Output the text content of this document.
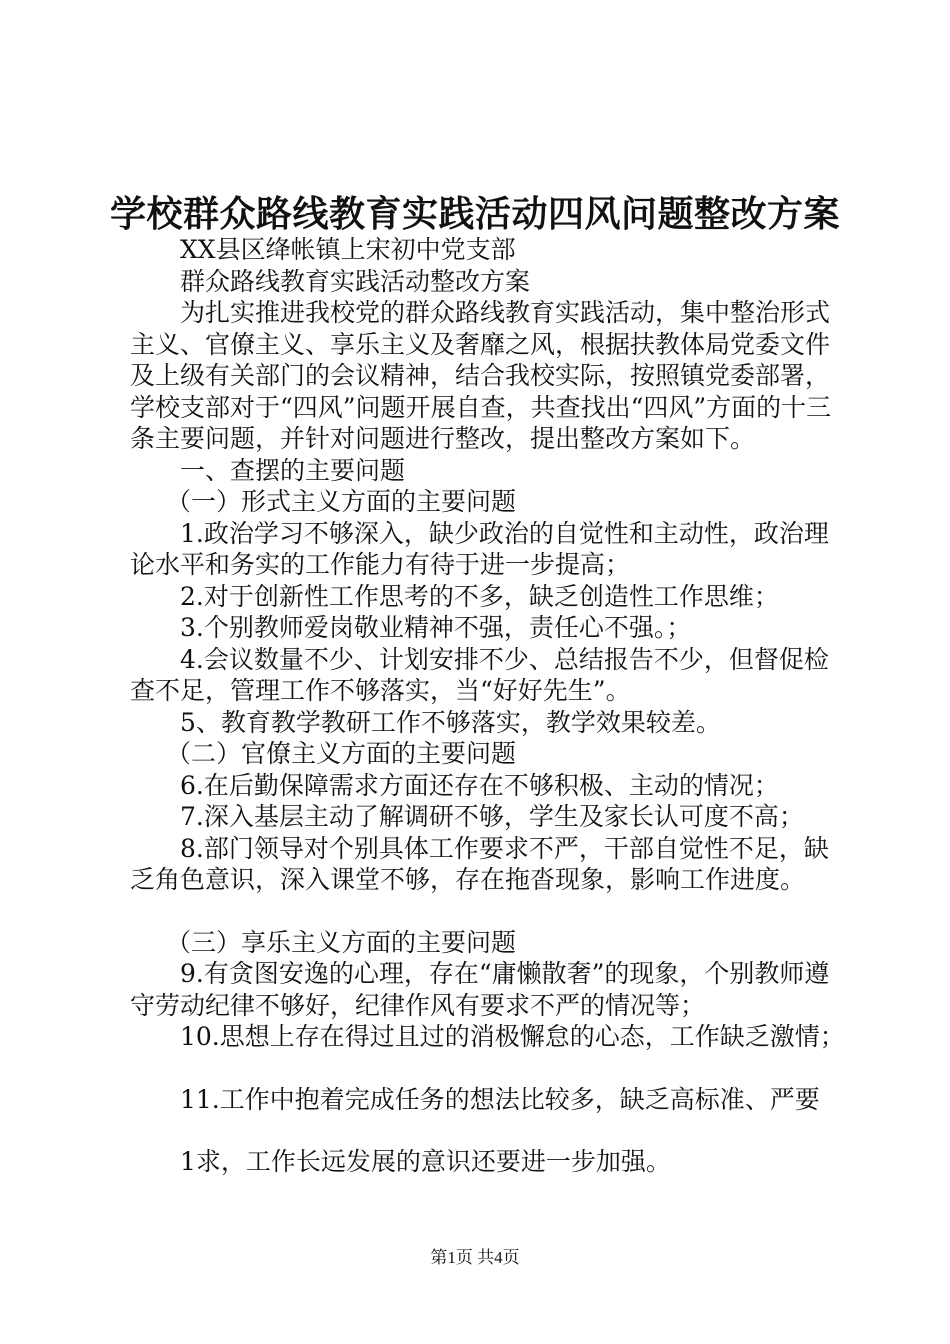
学校群众路线教育实践活动四风问题整改方案

XX县区绛帐镇上宋初中党支部

群众路线教育实践活动整改方案

为扎实推进我校党的群众路线教育实践活动，集中整治形式主义、官僚主义、享乐主义及奢靡之风，根据扶教体局党委文件及上级有关部门的会议精神，结合我校实际，按照镇党委部署，学校支部对于“四风”问题开展自查，共查找出“四风”方面的十三条主要问题，并针对问题进行整改，提出整改方案如下。

一、查摆的主要问题

（一）形式主义方面的主要问题

1.政治学习不够深入，缺少政治的自觉性和主动性，政治理论水平和务实的工作能力有待于进一步提高；

2.对于创新性工作思考的不多，缺乏创造性工作思维；

3.个别教师爱岗敬业精神不强，责任心不强。；

4.会议数量不少、计划安排不少、总结报告不少，但督促检查不足，管理工作不够落实，当“好好先生”。

5、教育教学教研工作不够落实，教学效果较差。

（二）官僚主义方面的主要问题

6.在后勤保障需求方面还存在不够积极、主动的情况；

7.深入基层主动了解调研不够，学生及家长认可度不高；

8.部门领导对个别具体工作要求不严，干部自觉性不足，缺乏角色意识，深入课堂不够，存在拖沓现象，影响工作进度。

（三）享乐主义方面的主要问题

9.有贪图安逸的心理，存在“庸懒散奢”的现象，个别教师遵守劳动纪律不够好，纪律作风有要求不严的情况等；

10.思想上存在得过且过的消极懈怠的心态，工作缺乏激情；

11.工作中抱着完成任务的想法比较多，缺乏高标准、严要

1求，工作长远发展的意识还要进一步加强。

第1页 共4页
